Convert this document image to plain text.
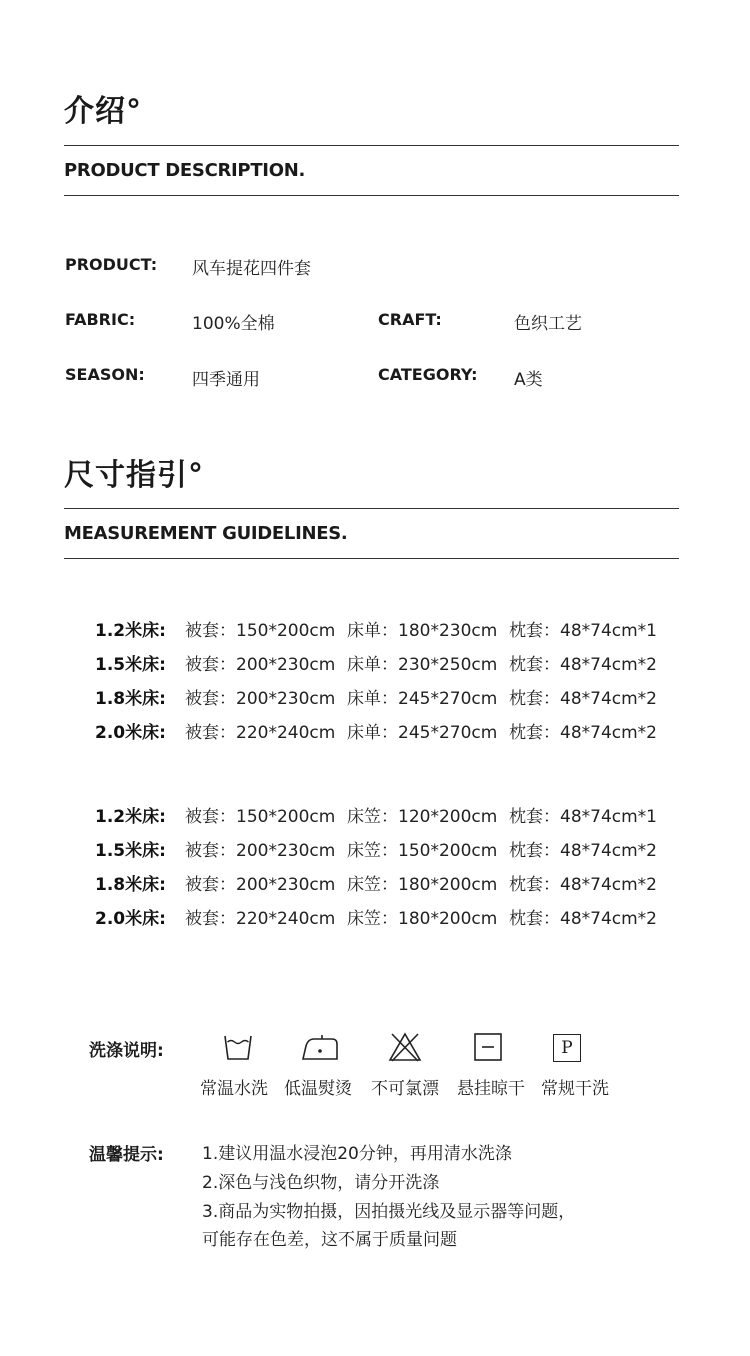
介绍°
PRODUCT DESCRIPTION.
PRODUCT: 风车提花四件套
FABRIC:	100%全棉	CRAFT:	色织工艺
SEASON:	四季通用	CATEGORY: A类
尺寸指引°
MEASUREMENT GUIDELINES.
1.2米床: 被套：150*200cm 床单：180*230cm 枕套：48*74cm*1
1.5米床: 被套：200*230cm 床单：230*250cm 枕套：48*74cm*2
1.8米床: 被套：200*230cm 床单：245*270cm 枕套：48*74cm*2
2.0米床: 被套：220*240cm 床单：245*270cm 枕套：48*74cm*2
1.2米床: 被套：150*200cm 床笠：120*200cm 枕套：48*74cm*1
1.5米床: 被套：200*230cm 床笠：150*200cm 枕套：48*74cm*2
1.8米床: 被套：200*230cm 床笠：180*200cm 枕套：48*74cm*2
2.0米床: 被套：220*240cm 床笠：180*200cm 枕套：48*74cm*2
洗涤说明:	P
常温水洗 低温熨烫 不可氯漂 悬挂晾干 常规干洗
温馨提示: 1.建议用温水浸泡20分钟，再用清水洗涤
2.深色与浅色织物，请分开洗涤
3.商品为实物拍摄，因拍摄光线及显示器等问题，
可能存在色差，这不属于质量问题
